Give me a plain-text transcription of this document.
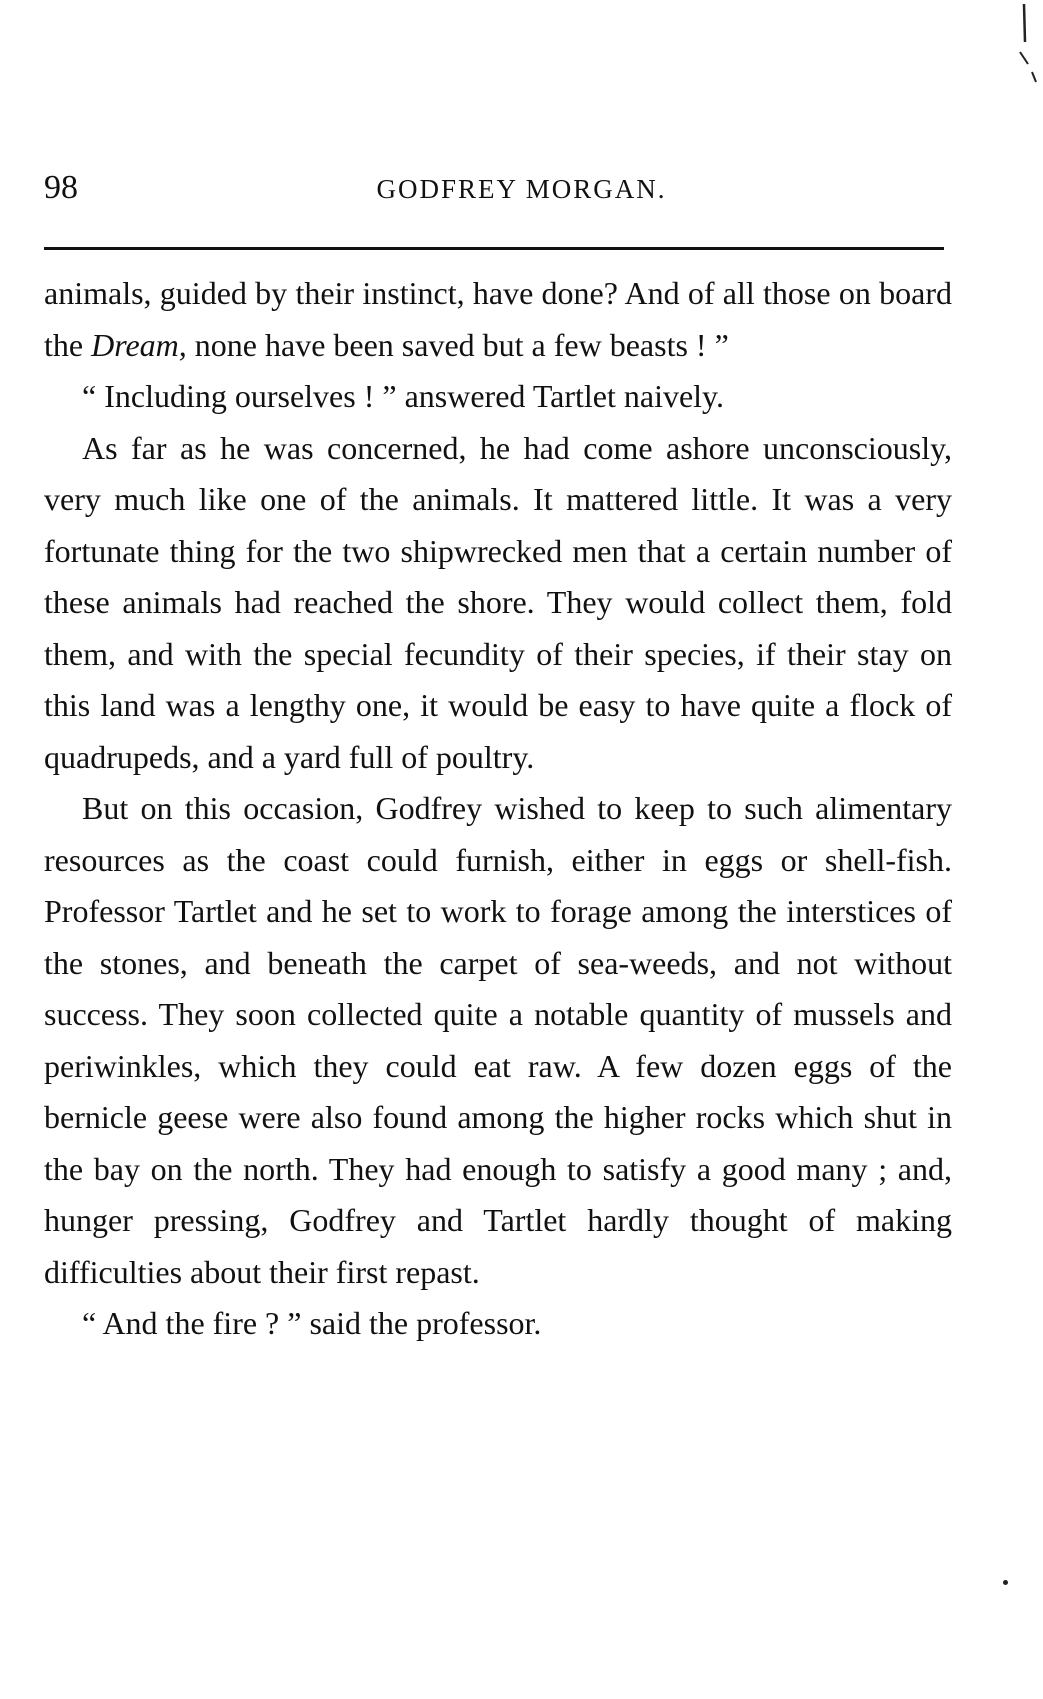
98	GODFREY MORGAN.

animals, guided by their instinct, have done? And of all those on board the Dream, none have been saved but a few beasts ! ”

“ Including ourselves ! ” answered Tartlet naively.

As far as he was concerned, he had come ashore unconsciously, very much like one of the animals. It mattered little. It was a very fortunate thing for the two shipwrecked men that a certain number of these animals had reached the shore. They would collect them, fold them, and with the special fecundity of their species, if their stay on this land was a lengthy one, it would be easy to have quite a flock of quadrupeds, and a yard full of poultry.

But on this occasion, Godfrey wished to keep to such alimentary resources as the coast could furnish, either in eggs or shell-fish. Professor Tartlet and he set to work to forage among the interstices of the stones, and beneath the carpet of sea-weeds, and not without success. They soon collected quite a notable quantity of mussels and periwinkles, which they could eat raw. A few dozen eggs of the bernicle geese were also found among the higher rocks which shut in the bay on the north. They had enough to satisfy a good many ; and, hunger pressing, Godfrey and Tartlet hardly thought of making difficulties about their first repast.

“ And the fire ? ” said the professor.
